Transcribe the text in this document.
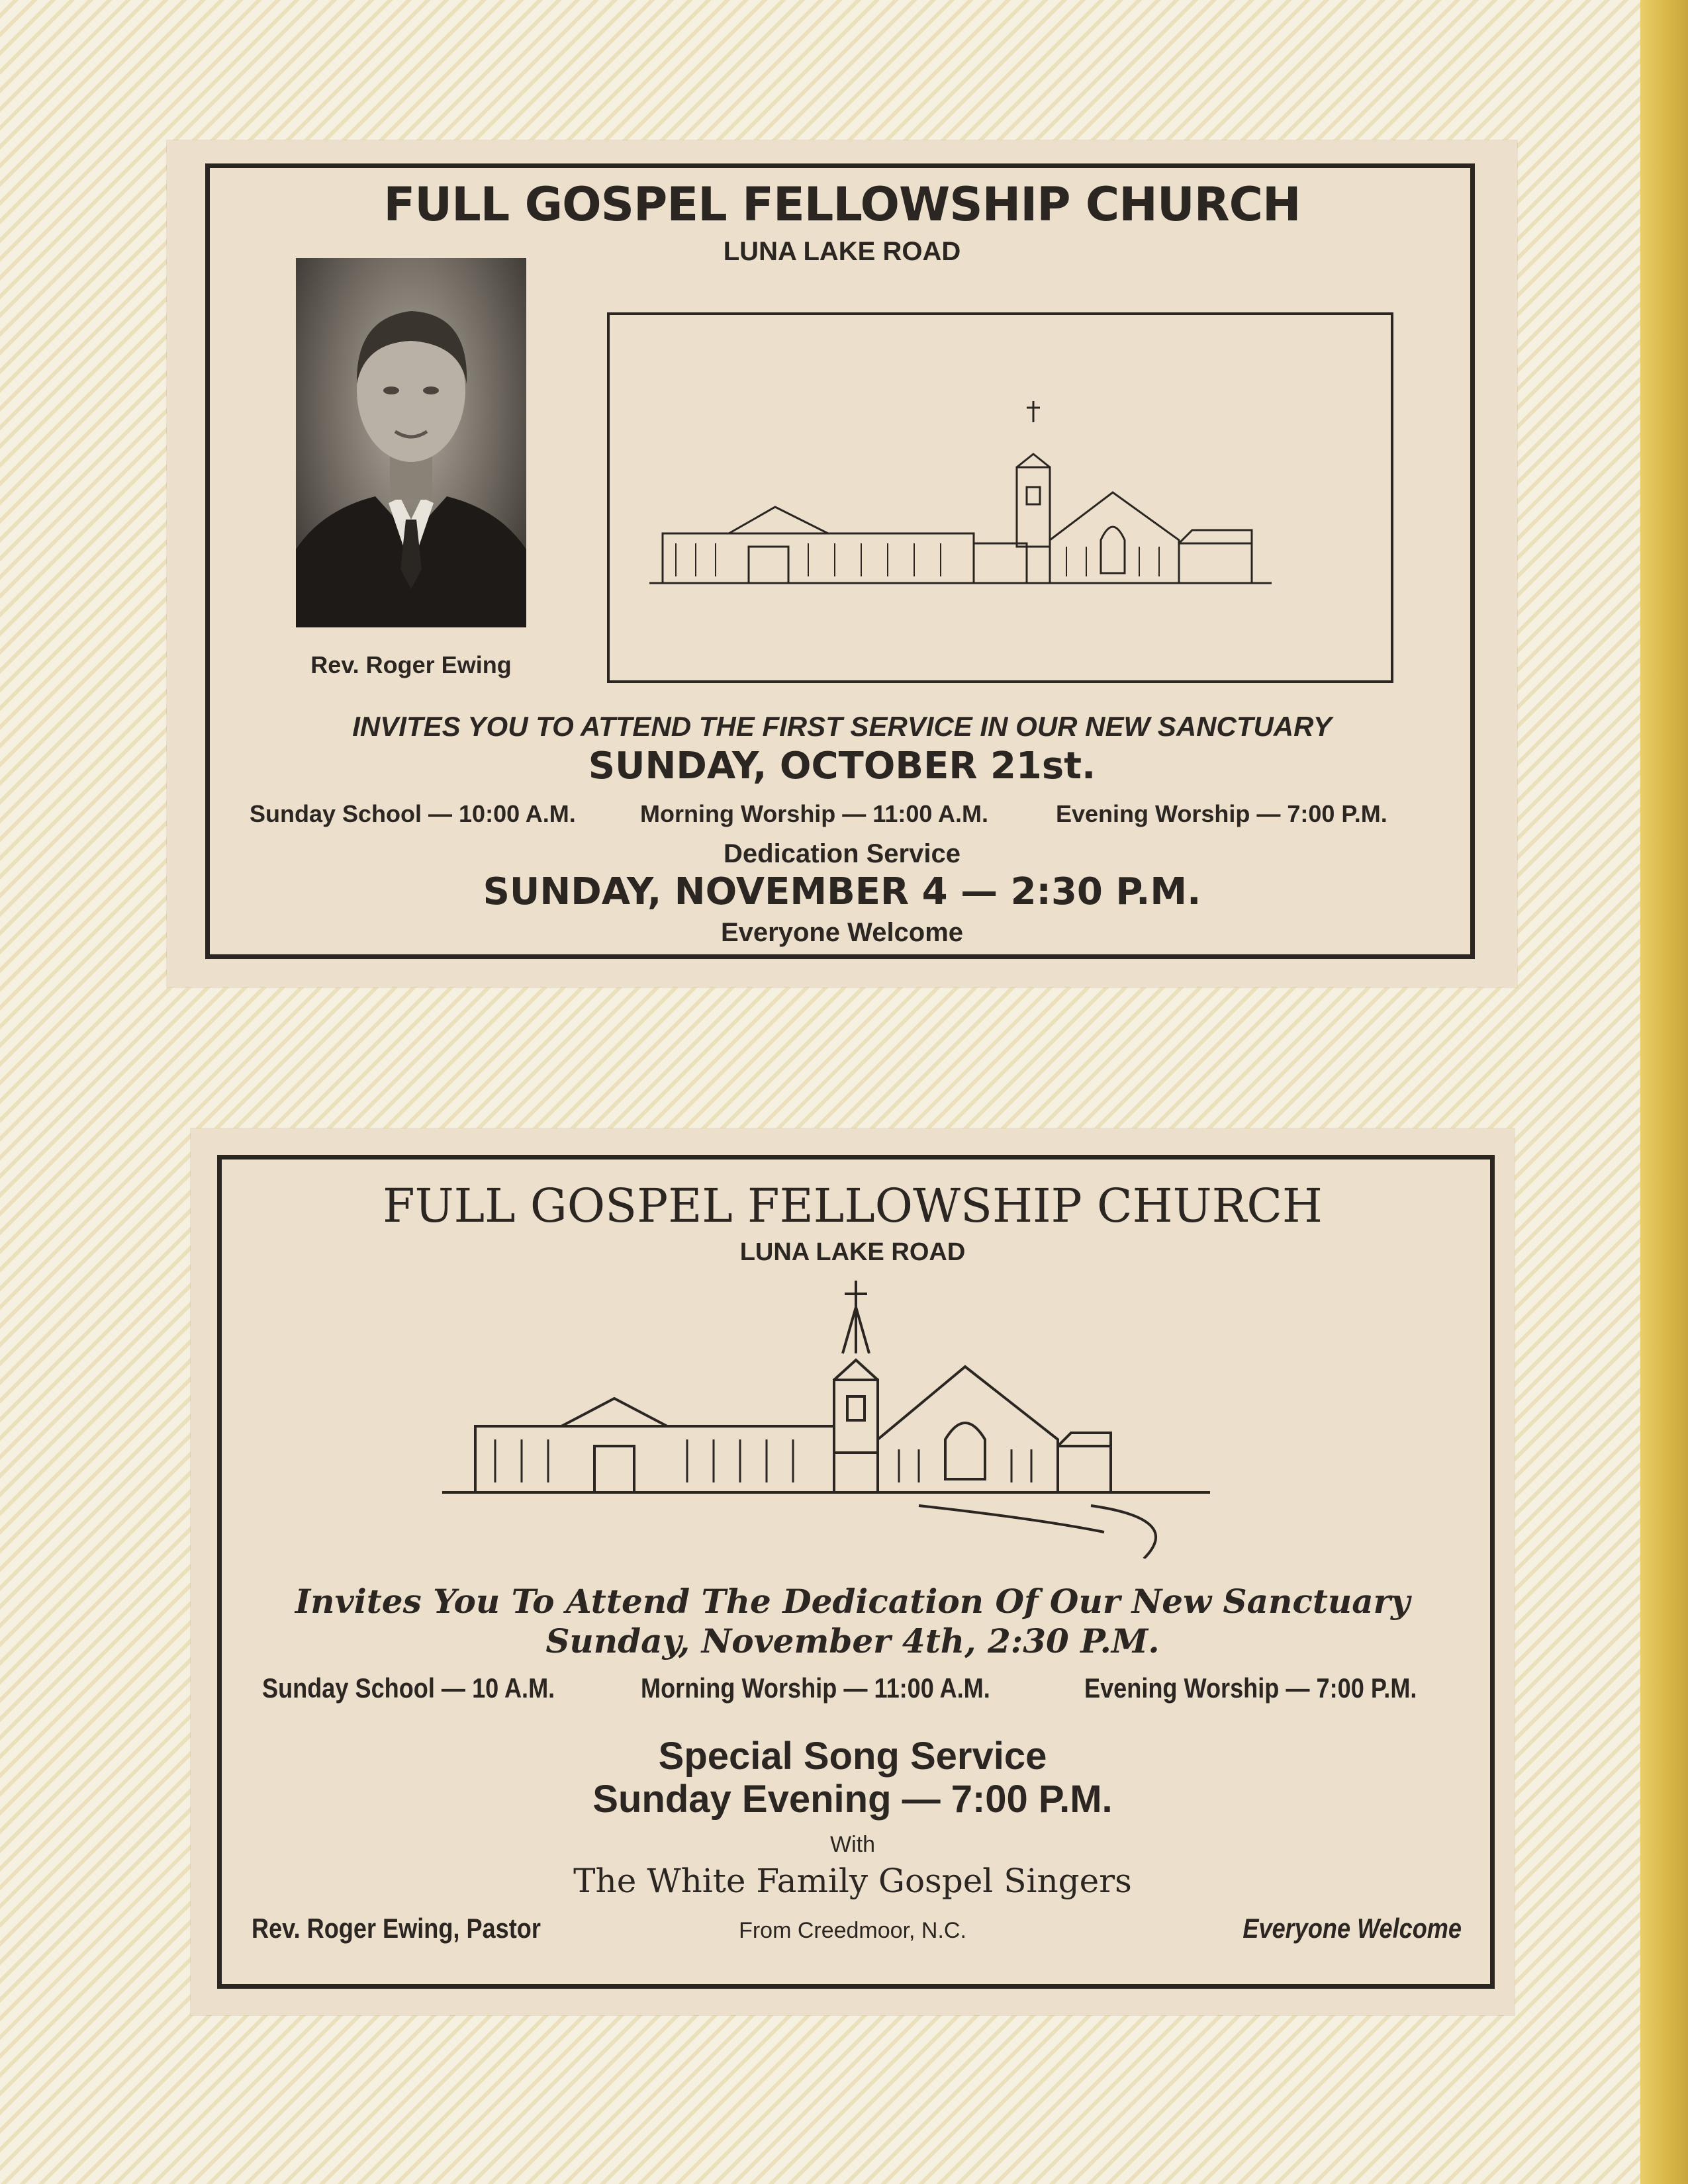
FULL GOSPEL FELLOWSHIP CHURCH
LUNA LAKE ROAD
Rev. Roger Ewing
INVITES YOU TO ATTEND THE FIRST SERVICE IN OUR NEW SANCTUARY
SUNDAY, OCTOBER 21st.
Sunday School — 10:00 A.M.	Morning Worship — 11:00 A.M.	Evening Worship — 7:00 P.M.
Dedication Service
SUNDAY, NOVEMBER 4 — 2:30 P.M.
Everyone Welcome
FULL GOSPEL FELLOWSHIP CHURCH
LUNA LAKE ROAD
Invites You To Attend The Dedication Of Our New Sanctuary
Sunday, November 4th, 2:30 P.M.
Sunday School — 10 A.M.	Morning Worship — 11:00 A.M.	Evening Worship — 7:00 P.M.
Special Song Service
Sunday Evening — 7:00 P.M.
With
The White Family Gospel Singers
Rev. Roger Ewing, Pastor	From Creedmoor, N.C.	Everyone Welcome
